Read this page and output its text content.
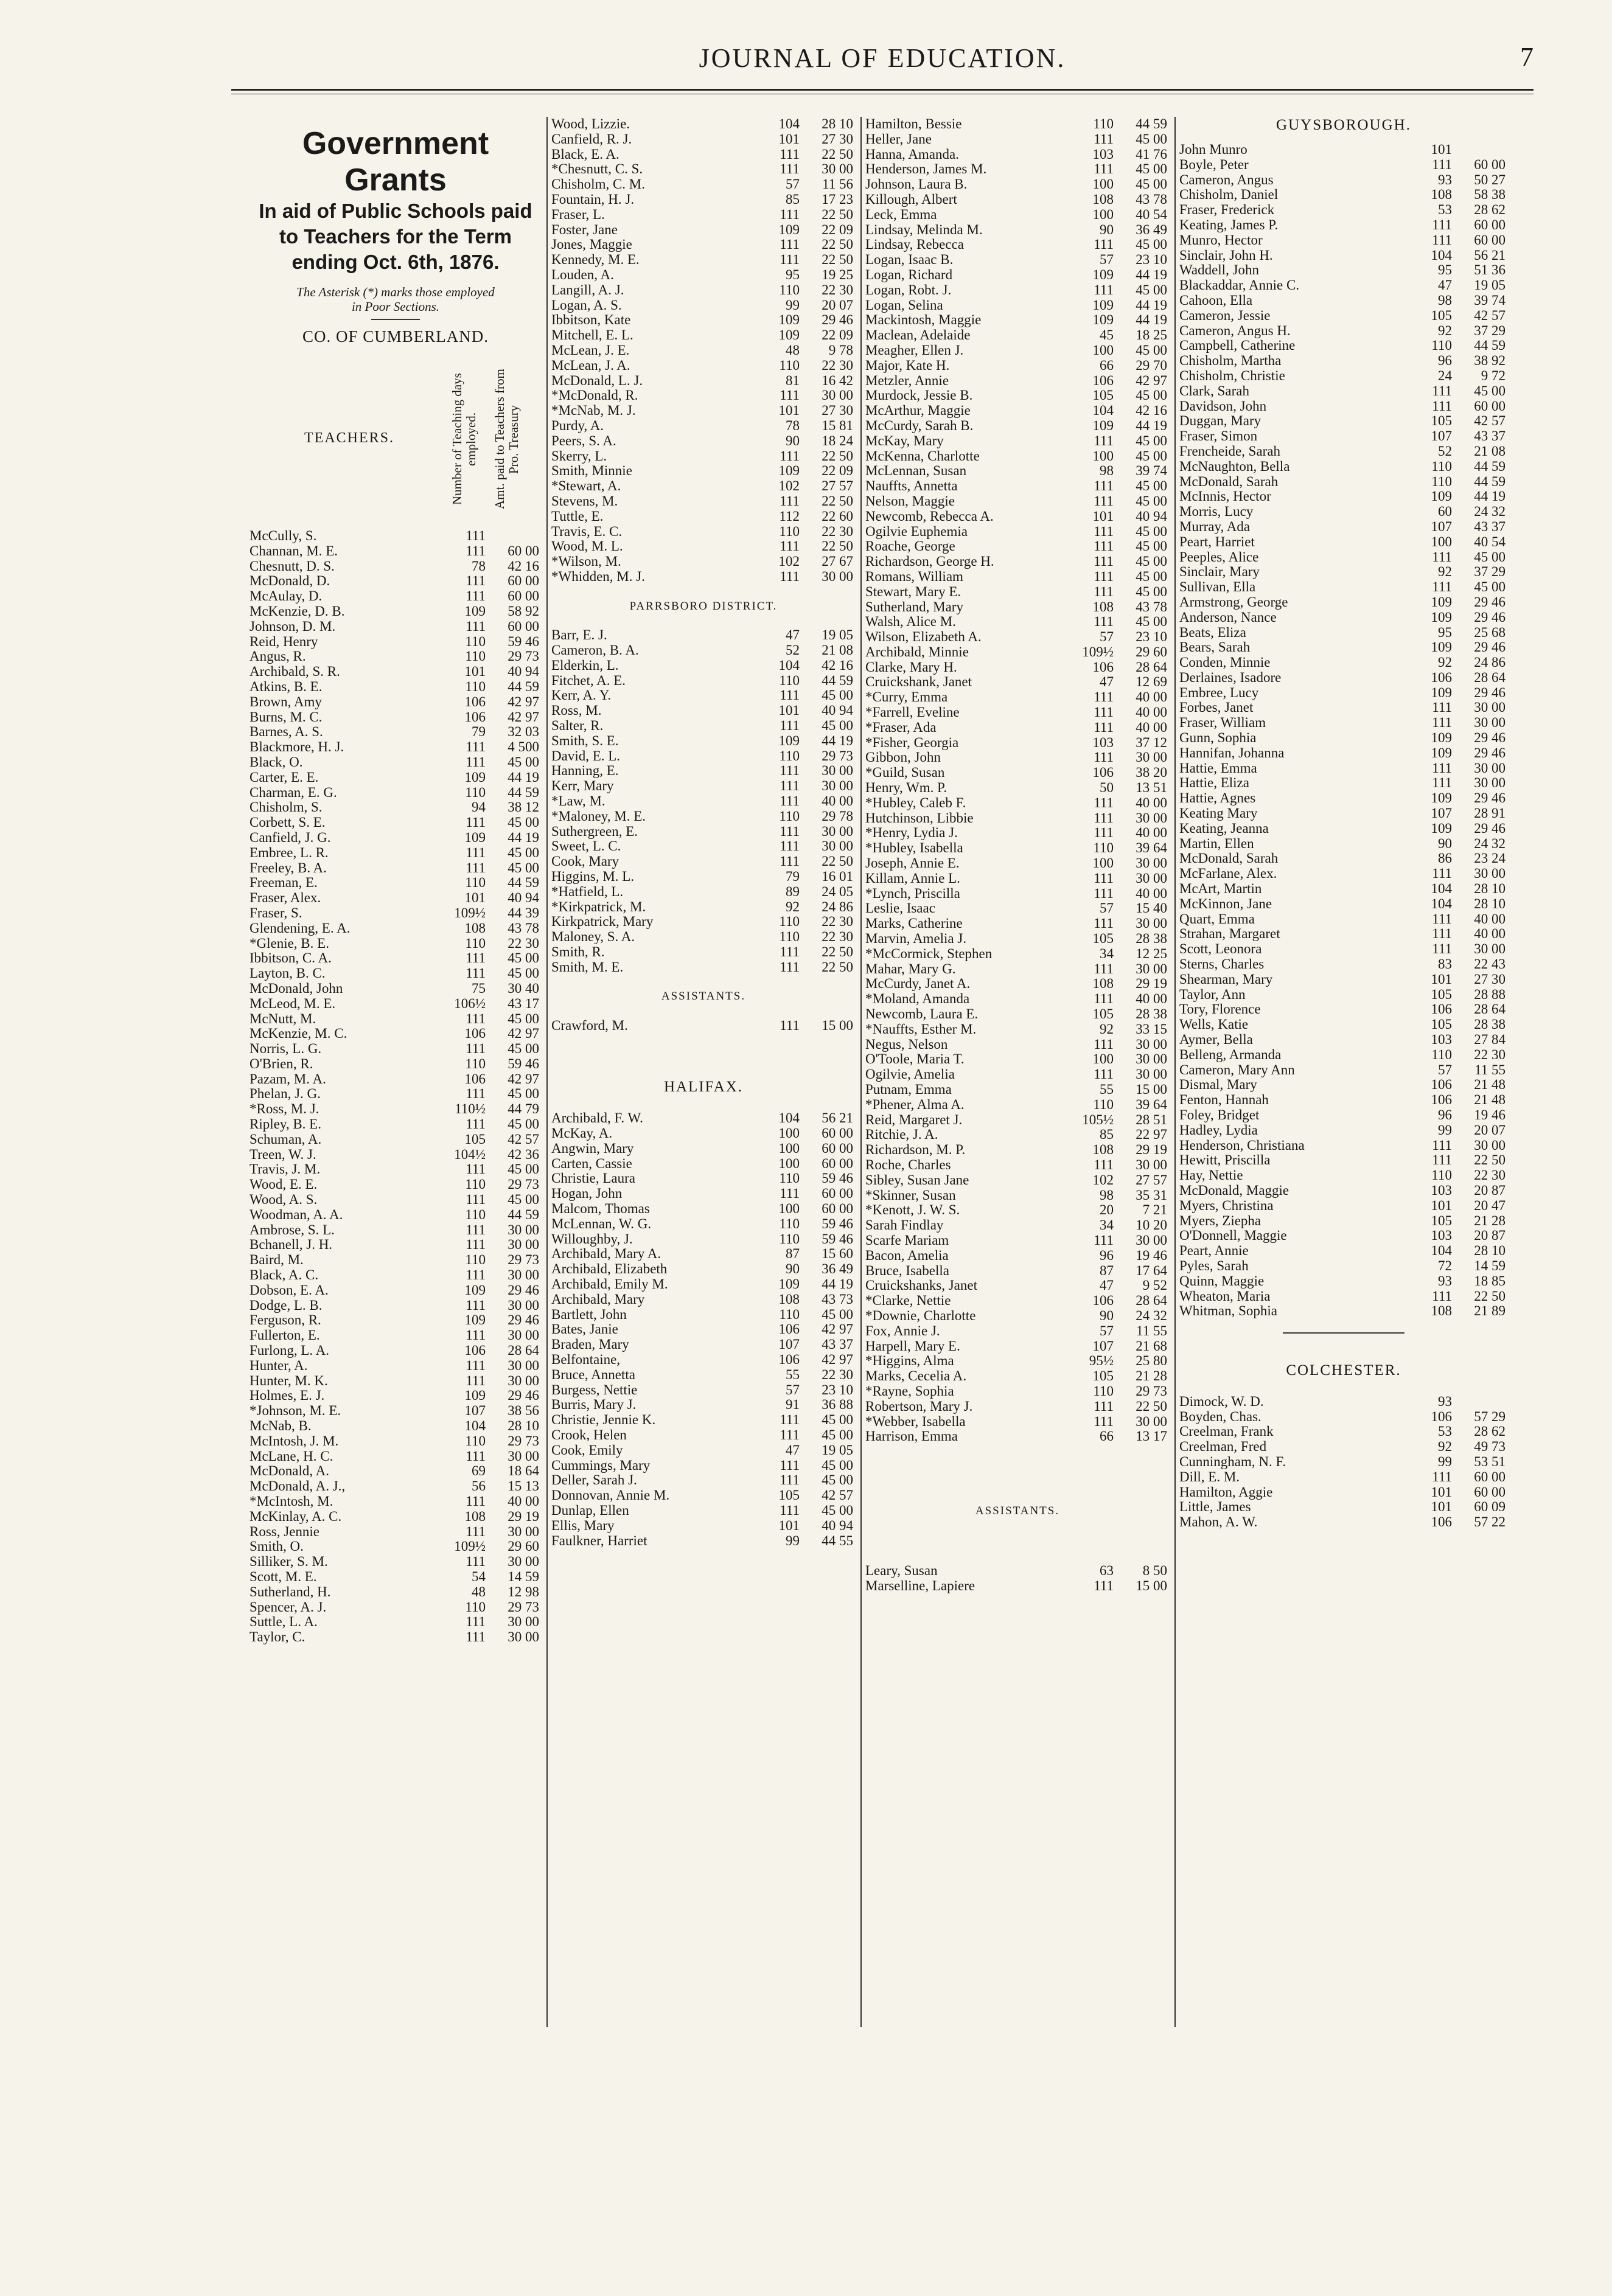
JOURNAL OF EDUCATION.	7
Government Grants
In aid of Public Schools paid
to Teachers for the Term
ending Oct. 6th, 1876.
The Asterisk (*) marks those employed
in Poor Sections.
CO. OF CUMBERLAND.
TEACHERS.	Number of Teaching days employed. Amt. paid to Teachers from Pro. Treasury
McCully, S.	111
Channan, M. E.	111	60 00
Chesnutt, D. S.	78	42 16
McDonald, D.	111	60 00
McAulay, D.	111	60 00
McKenzie, D. B.	109	58 92
Johnson, D. M.	111	60 00
Reid, Henry	110	59 46
Angus, R.	110	29 73
Archibald, S. R.	101	40 94
Atkins, B. E.	110	44 59
Brown, Amy	106	42 97
Burns, M. C.	106	42 97
Barnes, A. S.	79	32 03
Blackmore, H. J.	111	4 500
Black, O.	111	45 00
Carter, E. E.	109	44 19
Charman, E. G.	110	44 59
Chisholm, S.	94	38 12
Corbett, S. E.	111	45 00
Canfield, J. G.	109	44 19
Embree, L. R.	111	45 00
Freeley, B. A.	111	45 00
Freeman, E.	110	44 59
Fraser, Alex.	101	40 94
Fraser, S.	109½	44 39
Glendening, E. A.	108	43 78
*Glenie, B. E.	110	22 30
Ibbitson, C. A.	111	45 00
Layton, B. C.	111	45 00
McDonald, John	75	30 40
McLeod, M. E.	106½	43 17
McNutt, M.	111	45 00
McKenzie, M. C.	106	42 97
Norris, L. G.	111	45 00
O'Brien, R.	110	59 46
Pazam, M. A.	106	42 97
Phelan, J. G.	111	45 00
*Ross, M. J.	110½	44 79
Ripley, B. E.	111	45 00
Schuman, A.	105	42 57
Treen, W. J.	104½	42 36
Travis, J. M.	111	45 00
Wood, E. E.	110	29 73
Wood, A. S.	111	45 00
Woodman, A. A.	110	44 59
Ambrose, S. L.	111	30 00
Bchanell, J. H.	111	30 00
Baird, M.	110	29 73
Black, A. C.	111	30 00
Dobson, E. A.	109	29 46
Dodge, L. B.	111	30 00
Ferguson, R.	109	29 46
Fullerton, E.	111	30 00
Furlong, L. A.	106	28 64
Hunter, A.	111	30 00
Hunter, M. K.	111	30 00
Holmes, E. J.	109	29 46
*Johnson, M. E.	107	38 56
McNab, B.	104	28 10
McIntosh, J. M.	110	29 73
McLane, H. C.	111	30 00
McDonald, A.	69	18 64
McDonald, A. J.,	56	15 13
*McIntosh, M.	111	40 00
McKinlay, A. C.	108	29 19
Ross, Jennie	111	30 00
Smith, O.	109½	29 60
Silliker, S. M.	111	30 00
Scott, M. E.	54	14 59
Sutherland, H.	48	12 98
Spencer, A. J.	110	29 73
Suttle, L. A.	111	30 00
Taylor, C.	111	30 00
Wood, Lizzie.	104	28 10
Canfield, R. J.	101	27 30
Black, E. A.	111	22 50
*Chesnutt, C. S.	111	30 00
Chisholm, C. M.	57	11 56
Fountain, H. J.	85	17 23
Fraser, L.	111	22 50
Foster, Jane	109	22 09
Jones, Maggie	111	22 50
Kennedy, M. E.	111	22 50
Louden, A.	95	19 25
Langill, A. J.	110	22 30
Logan, A. S.	99	20 07
Ibbitson, Kate	109	29 46
Mitchell, E. L.	109	22 09
McLean, J. E.	48	9 78
McLean, J. A.	110	22 30
McDonald, L. J.	81	16 42
*McDonald, R.	111	30 00
*McNab, M. J.	101	27 30
Purdy, A.	78	15 81
Peers, S. A.	90	18 24
Skerry, L.	111	22 50
Smith, Minnie	109	22 09
*Stewart, A.	102	27 57
Stevens, M.	111	22 50
Tuttle, E.	112	22 60
Travis, E. C.	110	22 30
Wood, M. L.	111	22 50
*Wilson, M.	102	27 67
*Whidden, M. J.	111	30 00
PARRSBORO DISTRICT.
Barr, E. J.	47	19 05
Cameron, B. A.	52	21 08
Elderkin, L.	104	42 16
Fitchet, A. E.	110	44 59
Kerr, A. Y.	111	45 00
Ross, M.	101	40 94
Salter, R.	111	45 00
Smith, S. E.	109	44 19
David, E. L.	110	29 73
Hanning, E.	111	30 00
Kerr, Mary	111	30 00
*Law, M.	111	40 00
*Maloney, M. E.	110	29 78
Suthergreen, E.	111	30 00
Sweet, L. C.	111	30 00
Cook, Mary	111	22 50
Higgins, M. L.	79	16 01
*Hatfield, L.	89	24 05
*Kirkpatrick, M.	92	24 86
Kirkpatrick, Mary	110	22 30
Maloney, S. A.	110	22 30
Smith, R.	111	22 50
Smith, M. E.	111	22 50
ASSISTANTS.
Crawford, M.	111	15 00
HALIFAX.
Archibald, F. W.	104	56 21
McKay, A.	100	60 00
Angwin, Mary	100	60 00
Carten, Cassie	100	60 00
Christie, Laura	110	59 46
Hogan, John	111	60 00
Malcom, Thomas	100	60 00
McLennan, W. G.	110	59 46
Willoughby, J.	110	59 46
Archibald, Mary A.	87	15 60
Archibald, Elizabeth	90	36 49
Archibald, Emily M.	109	44 19
Archibald, Mary	108	43 73
Bartlett, John	110	45 00
Bates, Janie	106	42 97
Braden, Mary	107	43 37
Belfontaine,	106	42 97
Bruce, Annetta	55	22 30
Burgess, Nettie	57	23 10
Burris, Mary J.	91	36 88
Christie, Jennie K.	111	45 00
Crook, Helen	111	45 00
Cook, Emily	47	19 05
Cummings, Mary	111	45 00
Deller, Sarah J.	111	45 00
Donnovan, Annie M.	105	42 57
Dunlap, Ellen	111	45 00
Ellis, Mary	101	40 94
Faulkner, Harriet	99	44 55
Hamilton, Bessie	110	44 59
Heller, Jane	111	45 00
Hanna, Amanda.	103	41 76
Henderson, James M.	111	45 00
Johnson, Laura B.	100	45 00
Killough, Albert	108	43 78
Leck, Emma	100	40 54
Lindsay, Melinda M.	90	36 49
Lindsay, Rebecca	111	45 00
Logan, Isaac B.	57	23 10
Logan, Richard	109	44 19
Logan, Robt. J.	111	45 00
Logan, Selina	109	44 19
Mackintosh, Maggie	109	44 19
Maclean, Adelaide	45	18 25
Meagher, Ellen J.	100	45 00
Major, Kate H.	66	29 70
Metzler, Annie	106	42 97
Murdock, Jessie B.	105	45 00
McArthur, Maggie	104	42 16
McCurdy, Sarah B.	109	44 19
McKay, Mary	111	45 00
McKenna, Charlotte	100	45 00
McLennan, Susan	98	39 74
Nauffts, Annetta	111	45 00
Nelson, Maggie	111	45 00
Newcomb, Rebecca A.	101	40 94
Ogilvie Euphemia	111	45 00
Roache, George	111	45 00
Richardson, George H.	111	45 00
Romans, William	111	45 00
Stewart, Mary E.	111	45 00
Sutherland, Mary	108	43 78
Walsh, Alice M.	111	45 00
Wilson, Elizabeth A.	57	23 10
Archibald, Minnie	109½	29 60
Clarke, Mary H.	106	28 64
Cruickshank, Janet	47	12 69
*Curry, Emma	111	40 00
*Farrell, Eveline	111	40 00
*Fraser, Ada	111	40 00
*Fisher, Georgia	103	37 12
Gibbon, John	111	30 00
*Guild, Susan	106	38 20
Henry, Wm. P.	50	13 51
*Hubley, Caleb F.	111	40 00
Hutchinson, Libbie	111	30 00
*Henry, Lydia J.	111	40 00
*Hubley, Isabella	110	39 64
Joseph, Annie E.	100	30 00
Killam, Annie L.	111	30 00
*Lynch, Priscilla	111	40 00
Leslie, Isaac	57	15 40
Marks, Catherine	111	30 00
Marvin, Amelia J.	105	28 38
*McCormick, Stephen	34	12 25
Mahar, Mary G.	111	30 00
McCurdy, Janet A.	108	29 19
*Moland, Amanda	111	40 00
Newcomb, Laura E.	105	28 38
*Nauffts, Esther M.	92	33 15
Negus, Nelson	111	30 00
O'Toole, Maria T.	100	30 00
Ogilvie, Amelia	111	30 00
Putnam, Emma	55	15 00
*Phener, Alma A.	110	39 64
Reid, Margaret J.	105½	28 51
Ritchie, J. A.	85	22 97
Richardson, M. P.	108	29 19
Roche, Charles	111	30 00
Sibley, Susan Jane	102	27 57
*Skinner, Susan	98	35 31
*Kenott, J. W. S.	20	7 21
Sarah Findlay	34	10 20
Scarfe Mariam	111	30 00
Bacon, Amelia	96	19 46
Bruce, Isabella	87	17 64
Cruickshanks, Janet	47	9 52
*Clarke, Nettie	106	28 64
*Downie, Charlotte	90	24 32
Fox, Annie J.	57	11 55
Harpell, Mary E.	107	21 68
*Higgins, Alma	95½	25 80
Marks, Cecelia A.	105	21 28
*Rayne, Sophia	110	29 73
Robertson, Mary J.	111	22 50
*Webber, Isabella	111	30 00
Harrison, Emma	66	13 17
ASSISTANTS.
Leary, Susan	63	8 50
Marselline, Lapiere	111	15 00
GUYSBOROUGH.
John Munro	101
Boyle, Peter	111	60 00
Cameron, Angus	93	50 27
Chisholm, Daniel	108	58 38
Fraser, Frederick	53	28 62
Keating, James P.	111	60 00
Munro, Hector	111	60 00
Sinclair, John H.	104	56 21
Waddell, John	95	51 36
Blackaddar, Annie C.	47	19 05
Cahoon, Ella	98	39 74
Cameron, Jessie	105	42 57
Cameron, Angus H.	92	37 29
Campbell, Catherine	110	44 59
Chisholm, Martha	96	38 92
Chisholm, Christie	24	9 72
Clark, Sarah	111	45 00
Davidson, John	111	60 00
Duggan, Mary	105	42 57
Fraser, Simon	107	43 37
Frencheide, Sarah	52	21 08
McNaughton, Bella	110	44 59
McDonald, Sarah	110	44 59
McInnis, Hector	109	44 19
Morris, Lucy	60	24 32
Murray, Ada	107	43 37
Peart, Harriet	100	40 54
Peeples, Alice	111	45 00
Sinclair, Mary	92	37 29
Sullivan, Ella	111	45 00
Armstrong, George	109	29 46
Anderson, Nance	109	29 46
Beats, Eliza	95	25 68
Bears, Sarah	109	29 46
Conden, Minnie	92	24 86
Derlaines, Isadore	106	28 64
Embree, Lucy	109	29 46
Forbes, Janet	111	30 00
Fraser, William	111	30 00
Gunn, Sophia	109	29 46
Hannifan, Johanna	109	29 46
Hattie, Emma	111	30 00
Hattie, Eliza	111	30 00
Hattie, Agnes	109	29 46
Keating Mary	107	28 91
Keating, Jeanna	109	29 46
Martin, Ellen	90	24 32
McDonald, Sarah	86	23 24
McFarlane, Alex.	111	30 00
McArt, Martin	104	28 10
McKinnon, Jane	104	28 10
Quart, Emma	111	40 00
Strahan, Margaret	111	40 00
Scott, Leonora	111	30 00
Sterns, Charles	83	22 43
Shearman, Mary	101	27 30
Taylor, Ann	105	28 88
Tory, Florence	106	28 64
Wells, Katie	105	28 38
Aymer, Bella	103	27 84
Belleng, Armanda	110	22 30
Cameron, Mary Ann	57	11 55
Dismal, Mary	106	21 48
Fenton, Hannah	106	21 48
Foley, Bridget	96	19 46
Hadley, Lydia	99	20 07
Henderson, Christiana	111	30 00
Hewitt, Priscilla	111	22 50
Hay, Nettie	110	22 30
McDonald, Maggie	103	20 87
Myers, Christina	101	20 47
Myers, Ziepha	105	21 28
O'Donnell, Maggie	103	20 87
Peart, Annie	104	28 10
Pyles, Sarah	72	14 59
Quinn, Maggie	93	18 85
Wheaton, Maria	111	22 50
Whitman, Sophia	108	21 89
COLCHESTER.
Dimock, W. D.	93
Boyden, Chas.	106	57 29
Creelman, Frank	53	28 62
Creelman, Fred	92	49 73
Cunningham, N. F.	99	53 51
Dill, E. M.	111	60 00
Hamilton, Aggie	101	60 00
Little, James	101	60 09
Mahon, A. W.	106	57 22
